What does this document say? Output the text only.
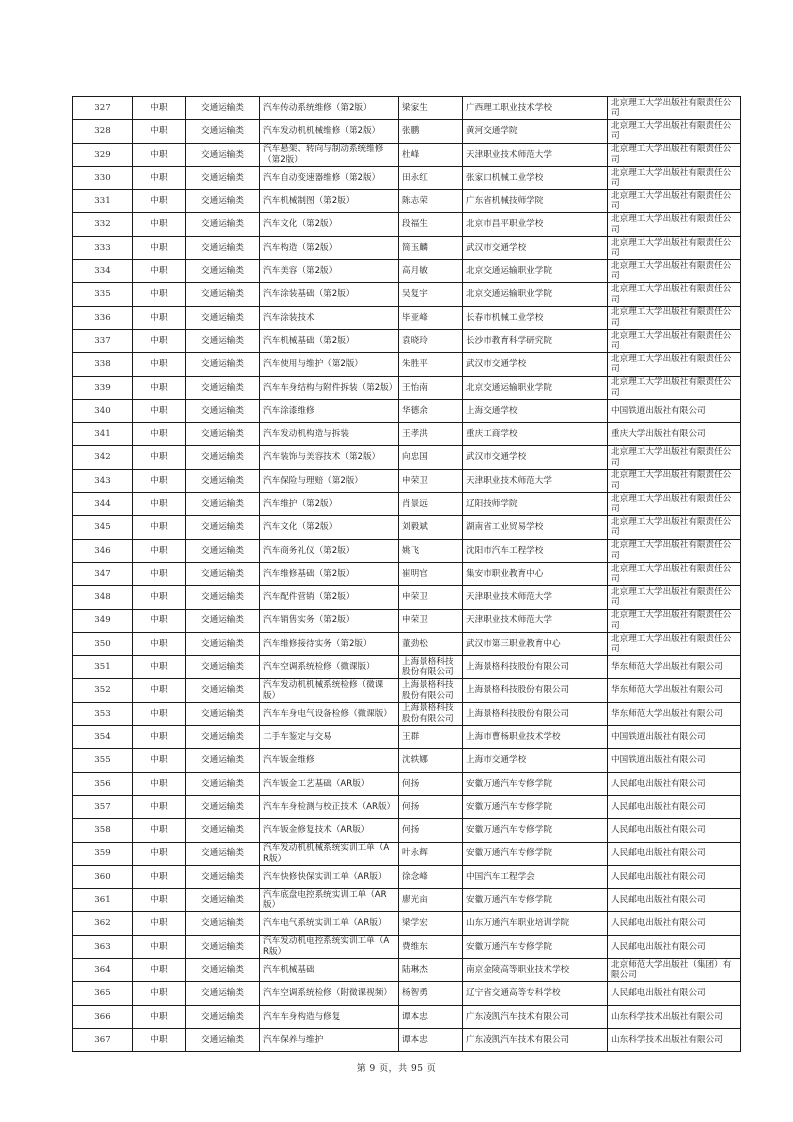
327	中职	交通运输类	汽车传动系统维修（第2版）	梁家生	广西理工职业技术学校	北京理工大学出版社有限责任公司
328	中职	交通运输类	汽车发动机机械维修（第2版）	张鹏	黄河交通学院	北京理工大学出版社有限责任公司
329	中职	交通运输类	汽车悬架、转向与制动系统维修（第2版）	杜峰	天津职业技术师范大学	北京理工大学出版社有限责任公司
330	中职	交通运输类	汽车自动变速器维修（第2版）	田永红	张家口机械工业学校	北京理工大学出版社有限责任公司
331	中职	交通运输类	汽车机械制图（第2版）	陈志荣	广东省机械技师学院	北京理工大学出版社有限责任公司
332	中职	交通运输类	汽车文化（第2版）	段福生	北京市昌平职业学校	北京理工大学出版社有限责任公司
333	中职	交通运输类	汽车构造（第2版）	简玉麟	武汉市交通学校	北京理工大学出版社有限责任公司
334	中职	交通运输类	汽车美容（第2版）	高月敏	北京交通运输职业学院	北京理工大学出版社有限责任公司
335	中职	交通运输类	汽车涂装基础（第2版）	吴复宇	北京交通运输职业学院	北京理工大学出版社有限责任公司
336	中职	交通运输类	汽车涂装技术	毕亚峰	长春市机械工业学校	北京理工大学出版社有限责任公司
337	中职	交通运输类	汽车机械基础（第2版）	袁晓玲	长沙市教育科学研究院	北京理工大学出版社有限责任公司
338	中职	交通运输类	汽车使用与维护（第2版）	朱胜平	武汉市交通学校	北京理工大学出版社有限责任公司
339	中职	交通运输类	汽车车身结构与附件拆装（第2版）	王怡南	北京交通运输职业学院	北京理工大学出版社有限责任公司
340	中职	交通运输类	汽车涂漆维修	华德余	上海交通学校	中国铁道出版社有限公司
341	中职	交通运输类	汽车发动机构造与拆装	王孝洪	重庆工商学校	重庆大学出版社有限公司
342	中职	交通运输类	汽车装饰与美容技术（第2版）	向忠国	武汉市交通学校	北京理工大学出版社有限责任公司
343	中职	交通运输类	汽车保险与理赔（第2版）	申荣卫	天津职业技术师范大学	北京理工大学出版社有限责任公司
344	中职	交通运输类	汽车维护（第2版）	肖景远	辽阳技师学院	北京理工大学出版社有限责任公司
345	中职	交通运输类	汽车文化（第2版）	刘毅斌	湖南省工业贸易学校	北京理工大学出版社有限责任公司
346	中职	交通运输类	汽车商务礼仪（第2版）	姚飞	沈阳市汽车工程学校	北京理工大学出版社有限责任公司
347	中职	交通运输类	汽车维修基础（第2版）	崔明官	集安市职业教育中心	北京理工大学出版社有限责任公司
348	中职	交通运输类	汽车配件营销（第2版）	申荣卫	天津职业技术师范大学	北京理工大学出版社有限责任公司
349	中职	交通运输类	汽车销售实务（第2版）	申荣卫	天津职业技术师范大学	北京理工大学出版社有限责任公司
350	中职	交通运输类	汽车维修接待实务（第2版）	董劲松	武汉市第三职业教育中心	北京理工大学出版社有限责任公司
351	中职	交通运输类	汽车空调系统检修（微课版）	上海景格科技股份有限公司	上海景格科技股份有限公司	华东师范大学出版社有限公司
352	中职	交通运输类	汽车发动机机械系统检修（微课版）	上海景格科技股份有限公司	上海景格科技股份有限公司	华东师范大学出版社有限公司
353	中职	交通运输类	汽车车身电气设备检修（微课版）	上海景格科技股份有限公司	上海景格科技股份有限公司	华东师范大学出版社有限公司
354	中职	交通运输类	二手车鉴定与交易	王群	上海市曹杨职业技术学校	中国铁道出版社有限公司
355	中职	交通运输类	汽车钣金维修	沈轶娜	上海市交通学校	中国铁道出版社有限公司
356	中职	交通运输类	汽车钣金工艺基础（AR版）	何扬	安徽万通汽车专修学院	人民邮电出版社有限公司
357	中职	交通运输类	汽车车身检测与校正技术（AR版）	何扬	安徽万通汽车专修学院	人民邮电出版社有限公司
358	中职	交通运输类	汽车钣金修复技术（AR版）	何扬	安徽万通汽车专修学院	人民邮电出版社有限公司
359	中职	交通运输类	汽车发动机机械系统实训工单（AR版）	叶永辉	安徽万通汽车专修学院	人民邮电出版社有限公司
360	中职	交通运输类	汽车快修快保实训工单（AR版）	徐念峰	中国汽车工程学会	人民邮电出版社有限公司
361	中职	交通运输类	汽车底盘电控系统实训工单（AR版）	廖光亩	安徽万通汽车专修学院	人民邮电出版社有限公司
362	中职	交通运输类	汽车电气系统实训工单（AR版）	梁学宏	山东万通汽车职业培训学院	人民邮电出版社有限公司
363	中职	交通运输类	汽车发动机电控系统实训工单（AR版）	费维东	安徽万通汽车专修学院	人民邮电出版社有限公司
364	中职	交通运输类	汽车机械基础	陆琳杰	南京金陵高等职业技术学校	北京师范大学出版社（集团）有限公司
365	中职	交通运输类	汽车空调系统检修（附微课视频）	杨智勇	辽宁省交通高等专科学校	人民邮电出版社有限公司
366	中职	交通运输类	汽车车身构造与修复	谭本忠	广东凌凯汽车技术有限公司	山东科学技术出版社有限公司
367	中职	交通运输类	汽车保养与维护	谭本忠	广东凌凯汽车技术有限公司	山东科学技术出版社有限公司
第 9 页，共 95 页
